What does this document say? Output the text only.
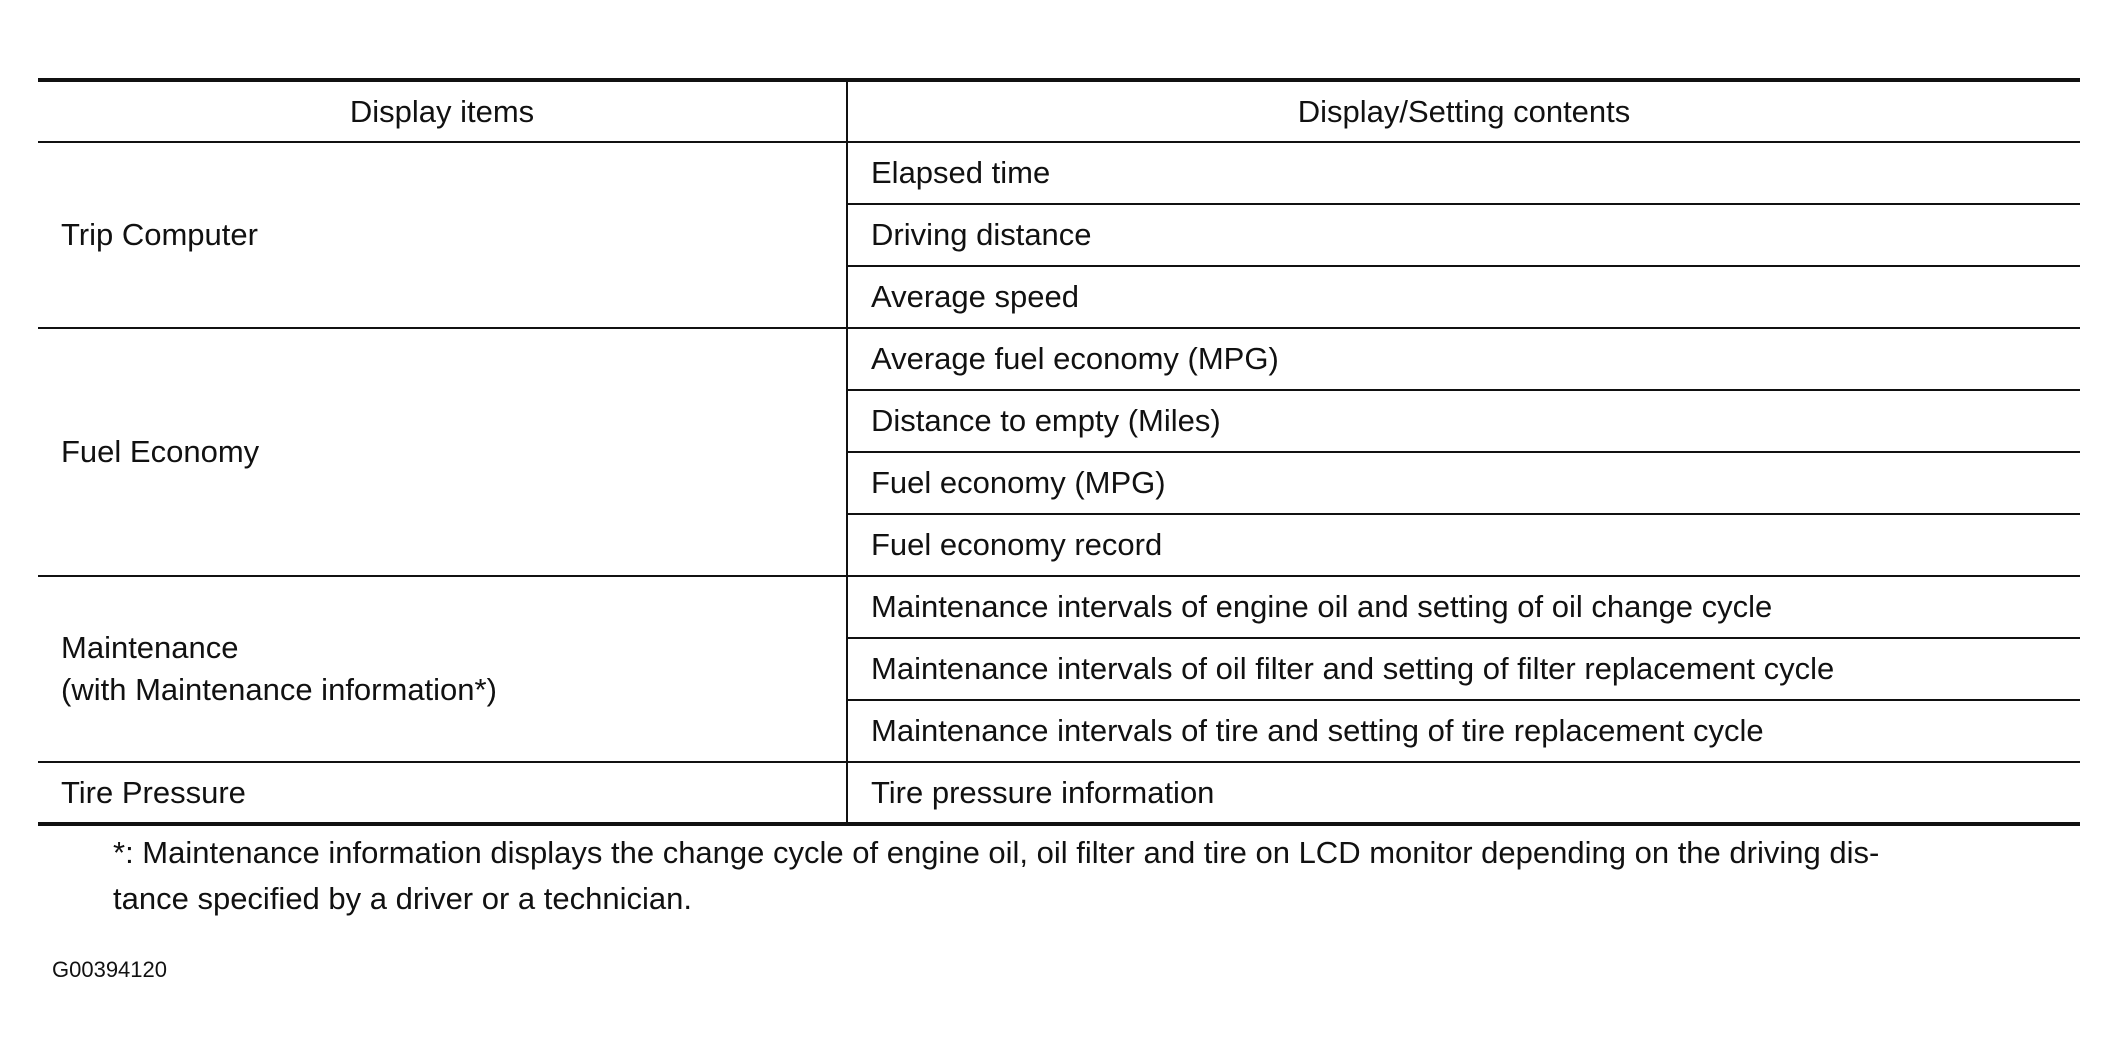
Display items	Display/Setting contents
Trip Computer	Elapsed time
	Driving distance
	Average speed
Fuel Economy	Average fuel economy (MPG)
	Distance to empty (Miles)
	Fuel economy (MPG)
	Fuel economy record
Maintenance
(with Maintenance information*)	Maintenance intervals of engine oil and setting of oil change cycle
	Maintenance intervals of oil filter and setting of filter replacement cycle
	Maintenance intervals of tire and setting of tire replacement cycle
Tire Pressure	Tire pressure information

*: Maintenance information displays the change cycle of engine oil, oil filter and tire on LCD monitor depending on the driving dis-
tance specified by a driver or a technician.

G00394120
